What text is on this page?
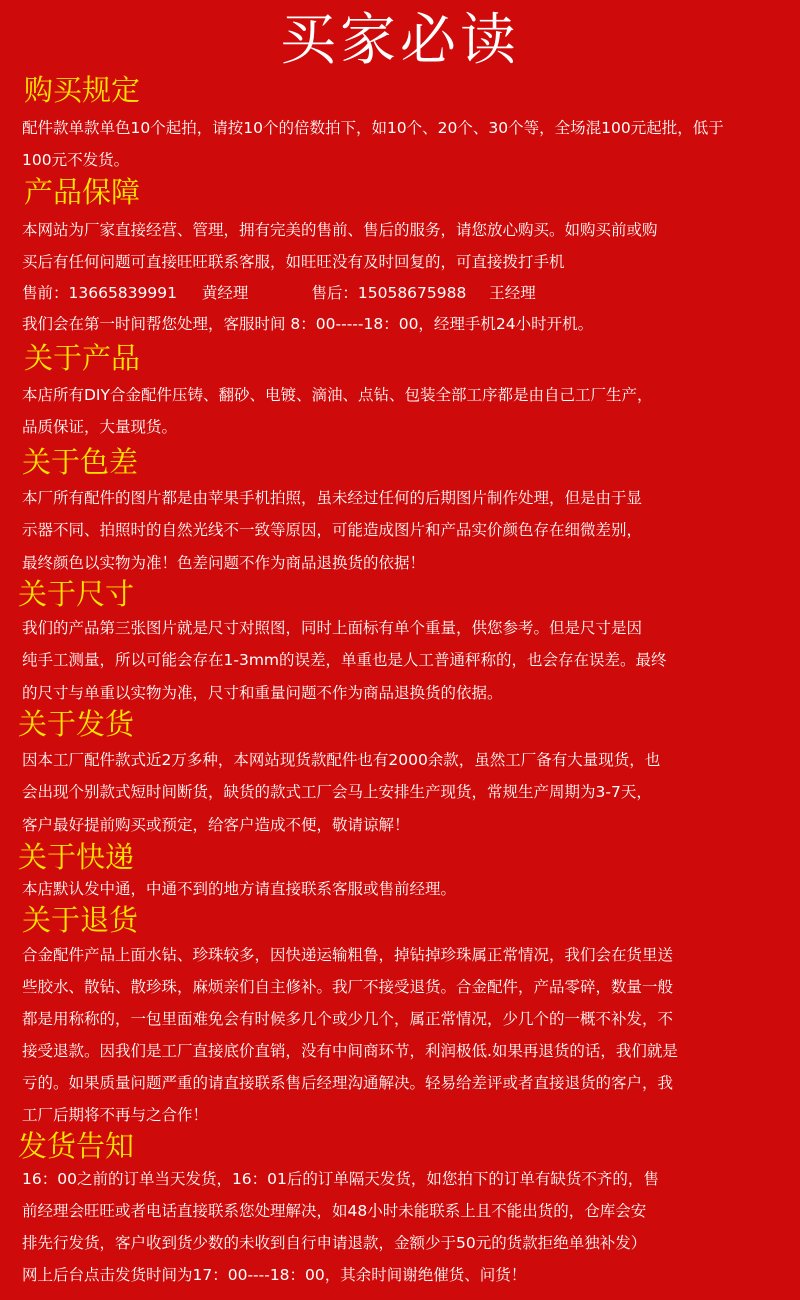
买家必读
购买规定
配件款单款单色10个起拍，请按10个的倍数拍下，如10个、20个、30个等，全场混100元起批，低于
100元不发货。
产品保障
本网站为厂家直接经营、管理，拥有完美的售前、售后的服务，请您放心购买。如购买前或购
买后有任何问题可直接旺旺联系客服，如旺旺没有及时回复的，可直接拨打手机
售前：13665839991 黄经理	售后：15058675988 王经理
我们会在第一时间帮您处理，客服时间 8：00-----18：00，经理手机24小时开机。
关于产品
本店所有DIY合金配件压铸、翻砂、电镀、滴油、点钻、包装全部工序都是由自己工厂生产，
品质保证，大量现货。
关于色差
本厂所有配件的图片都是由苹果手机拍照，虽未经过任何的后期图片制作处理，但是由于显
示器不同、拍照时的自然光线不一致等原因，可能造成图片和产品实价颜色存在细微差别，
最终颜色以实物为准！色差问题不作为商品退换货的依据！
关于尺寸
我们的产品第三张图片就是尺寸对照图，同时上面标有单个重量，供您参考。但是尺寸是因
纯手工测量，所以可能会存在1-3mm的误差，单重也是人工普通秤称的，也会存在误差。最终
的尺寸与单重以实物为准，尺寸和重量问题不作为商品退换货的依据。
关于发货
因本工厂配件款式近2万多种，本网站现货款配件也有2000余款，虽然工厂备有大量现货，也
会出现个别款式短时间断货，缺货的款式工厂会马上安排生产现货，常规生产周期为3-7天，
客户最好提前购买或预定，给客户造成不便，敬请谅解！
关于快递
本店默认发中通，中通不到的地方请直接联系客服或售前经理。
关于退货
合金配件产品上面水钻、珍珠较多，因快递运输粗鲁，掉钻掉珍珠属正常情况，我们会在货里送
些胶水、散钻、散珍珠，麻烦亲们自主修补。我厂不接受退货。合金配件，产品零碎，数量一般
都是用称称的，一包里面难免会有时候多几个或少几个，属正常情况，少几个的一概不补发，不
接受退款。因我们是工厂直接底价直销，没有中间商环节，利润极低.如果再退货的话，我们就是
亏的。如果质量问题严重的请直接联系售后经理沟通解决。轻易给差评或者直接退货的客户，我
工厂后期将不再与之合作！
发货告知
16：00之前的订单当天发货，16：01后的订单隔天发货，如您拍下的订单有缺货不齐的，售
前经理会旺旺或者电话直接联系您处理解决，如48小时未能联系上且不能出货的，仓库会安
排先行发货，客户收到货少数的未收到自行申请退款，金额少于50元的货款拒绝单独补发）
网上后台点击发货时间为17：00----18：00，其余时间谢绝催货、问货！
